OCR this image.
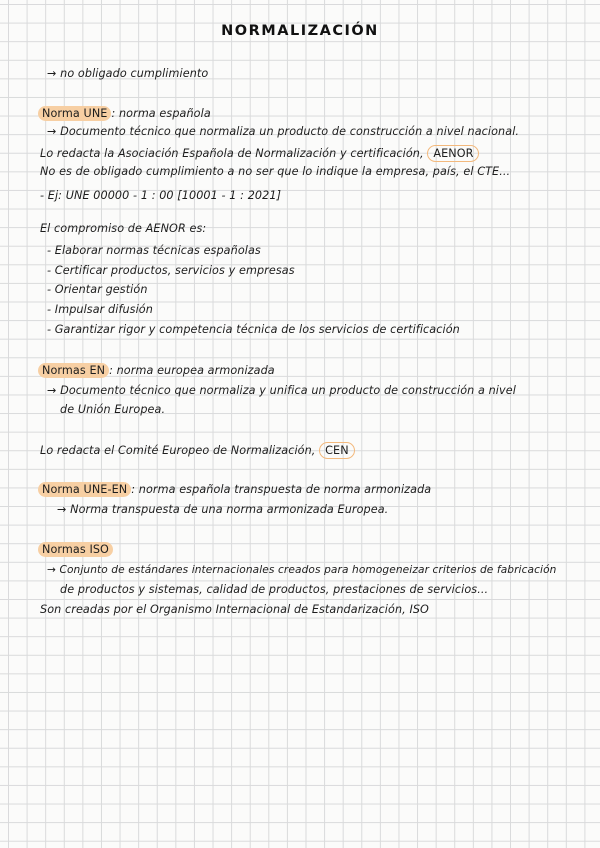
NORMALIZACIÓN
→ no obligado cumplimiento
Norma UNE : norma española
→ Documento técnico que normaliza un producto de construcción a nivel nacional.
Lo redacta la Asociación Española de Normalización y certificación, AENOR
No es de obligado cumplimiento a no ser que lo indique la empresa, país, el CTE...
- Ej: UNE 00000 - 1 : 00 [10001 - 1 : 2021]
El compromiso de AENOR es:
- Elaborar normas técnicas españolas
- Certificar productos, servicios y empresas
- Orientar gestión
- Impulsar difusión
- Garantizar rigor y competencia técnica de los servicios de certificación
Normas EN : norma europea armonizada
→ Documento técnico que normaliza y unifica un producto de construcción a nivel
de Unión Europea.
Lo redacta el Comité Europeo de Normalización, CEN
Norma UNE-EN : norma española transpuesta de norma armonizada
→ Norma transpuesta de una norma armonizada Europea.
Normas ISO
→ Conjunto de estándares internacionales creados para homogeneizar criterios de fabricación
de productos y sistemas, calidad de productos, prestaciones de servicios...
Son creadas por el Organismo Internacional de Estandarización, ISO
